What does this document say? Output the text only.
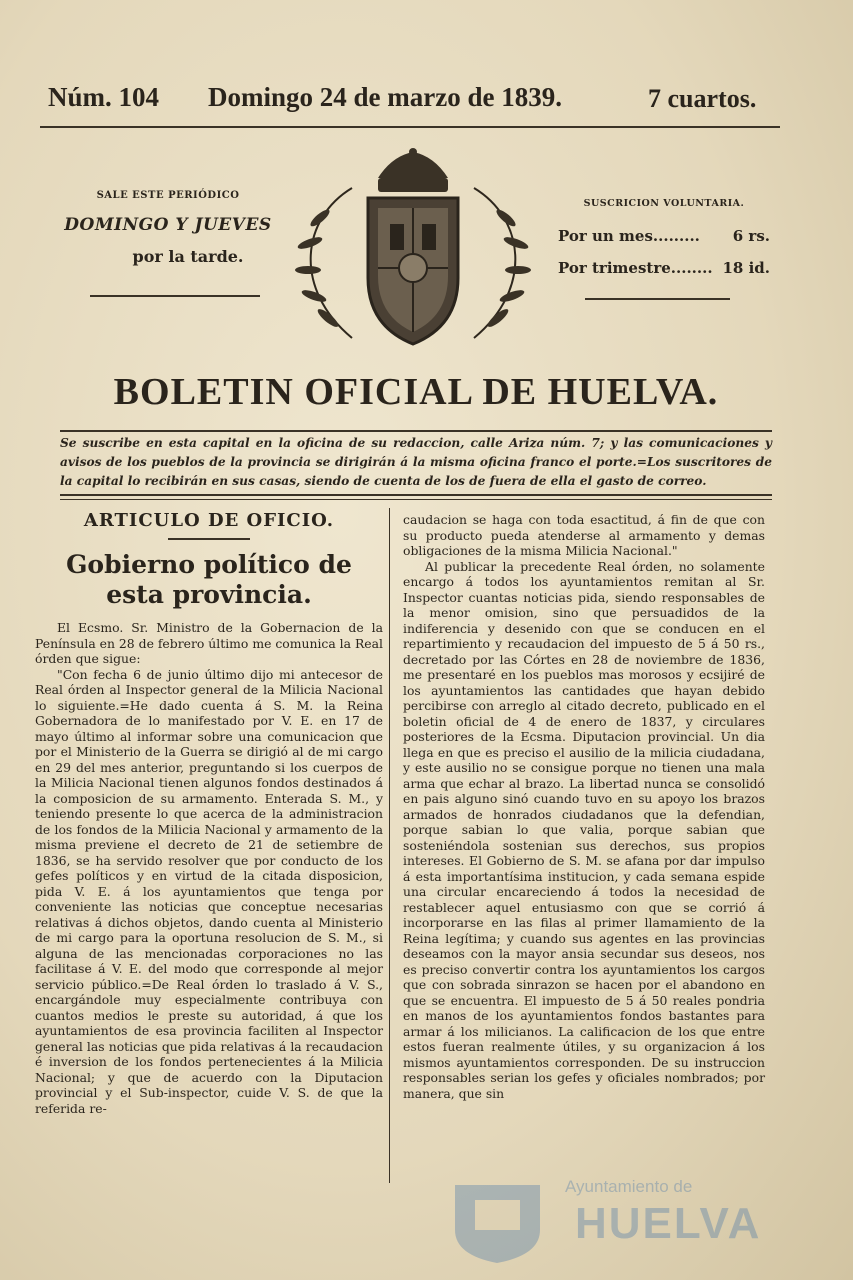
Núm. 104 Domingo 24 de marzo de 1839.	7 cuartos.
SALE ESTE PERIÓDICO
DOMINGO Y JUEVES
por la tarde.
SUSCRICION VOLUNTARIA.
Por un mes......... 6 rs.
Por trimestre........ 18 id.
BOLETIN OFICIAL DE HUELVA.
Se suscribe en esta capital en la oficina de su redaccion, calle Ariza núm. 7; y las comunicaciones y avisos de los pueblos de la provincia se dirigirán á la misma oficina franco el porte.=Los suscritores de la capital lo recibirán en sus casas, siendo de cuenta de los de fuera de ella el gasto de correo.
ARTICULO DE OFICIO.
Gobierno político de esta provincia.

El Ecsmo. Sr. Ministro de la Gobernacion de la Península en 28 de febrero último me comunica la Real órden que sigue:

"Con fecha 6 de junio último dijo mi antecesor de Real órden al Inspector general de la Milicia Nacional lo siguiente.=He dado cuenta á S. M. la Reina Gobernadora de lo manifestado por V. E. en 17 de mayo último al informar sobre una comunicacion que por el Ministerio de la Guerra se dirigió al de mi cargo en 29 del mes anterior, preguntando si los cuerpos de la Milicia Nacional tienen algunos fondos destinados á la composicion de su armamento. Enterada S. M., y teniendo presente lo que acerca de la administracion de los fondos de la Milicia Nacional y armamento de la misma previene el decreto de 21 de setiembre de 1836, se ha servido resolver que por conducto de los gefes políticos y en virtud de la citada disposicion, pida V. E. á los ayuntamientos que tenga por conveniente las noticias que conceptue necesarias relativas á dichos objetos, dando cuenta al Ministerio de mi cargo para la oportuna resolucion de S. M., si alguna de las mencionadas corporaciones no las facilitase á V. E. del modo que corresponde al mejor servicio público.=De Real órden lo traslado á V. S., encargándole muy especialmente contribuya con cuantos medios le preste su autoridad, á que los ayuntamientos de esa provincia faciliten al Inspector general las noticias que pida relativas á la recaudacion é inversion de los fondos pertenecientes á la Milicia Nacional; y que de acuerdo con la Diputacion provincial y el Sub-inspector, cuide V. S. de que la referida re-

caudacion se haga con toda esactitud, á fin de que con su producto pueda atenderse al armamento y demas obligaciones de la misma Milicia Nacional."

Al publicar la precedente Real órden, no solamente encargo á todos los ayuntamientos remitan al Sr. Inspector cuantas noticias pida, siendo responsables de la menor omision, sino que persuadidos de la indiferencia y desenido con que se conducen en el repartimiento y recaudacion del impuesto de 5 á 50 rs., decretado por las Córtes en 28 de noviembre de 1836, me presentaré en los pueblos mas morosos y ecsijiré de los ayuntamientos las cantidades que hayan debido percibirse con arreglo al citado decreto, publicado en el boletin oficial de 4 de enero de 1837, y circulares posteriores de la Ecsma. Diputacion provincial. Un dia llega en que es preciso el ausilio de la milicia ciudadana, y este ausilio no se consigue porque no tienen una mala arma que echar al brazo. La libertad nunca se consolidó en pais alguno sinó cuando tuvo en su apoyo los brazos armados de honrados ciudadanos que la defendian, porque sabian lo que valia, porque sabian que sosteniéndola sostenian sus derechos, sus propios intereses. El Gobierno de S. M. se afana por dar impulso á esta importantísima institucion, y cada semana espide una circular encareciendo á todos la necesidad de restablecer aquel entusiasmo con que se corrió á incorporarse en las filas al primer llamamiento de la Reina legítima; y cuando sus agentes en las provincias deseamos con la mayor ansia secundar sus deseos, nos es preciso convertir contra los ayuntamientos los cargos que con sobrada sinrazon se hacen por el abandono en que se encuentra. El impuesto de 5 á 50 reales pondria en manos de los ayuntamientos fondos bastantes para armar á los milicianos. La calificacion de los que entre estos fueran realmente útiles, y su organizacion á los mismos ayuntamientos corresponden. De su instruccion responsables serian los gefes y oficiales nombrados; por manera, que sin

Ayuntamiento de
HUELVA
